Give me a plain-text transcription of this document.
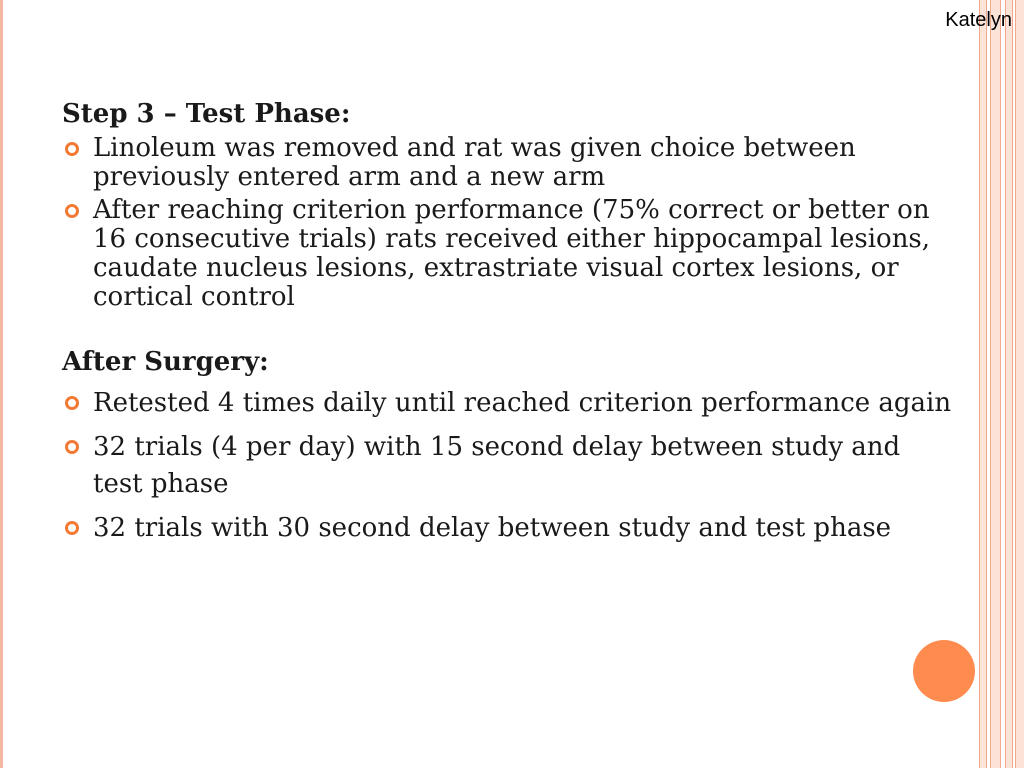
Katelyn
Step 3 – Test Phase:
Linoleum was removed and rat was given choice between previously entered arm and a new arm
After reaching criterion performance (75% correct or better on 16 consecutive trials) rats received either hippocampal lesions, caudate nucleus lesions, extrastriate visual cortex lesions, or cortical control
After Surgery:
Retested 4 times daily until reached criterion performance again
32 trials (4 per day) with 15 second delay between study and test phase
32 trials with 30 second delay between study and test phase
